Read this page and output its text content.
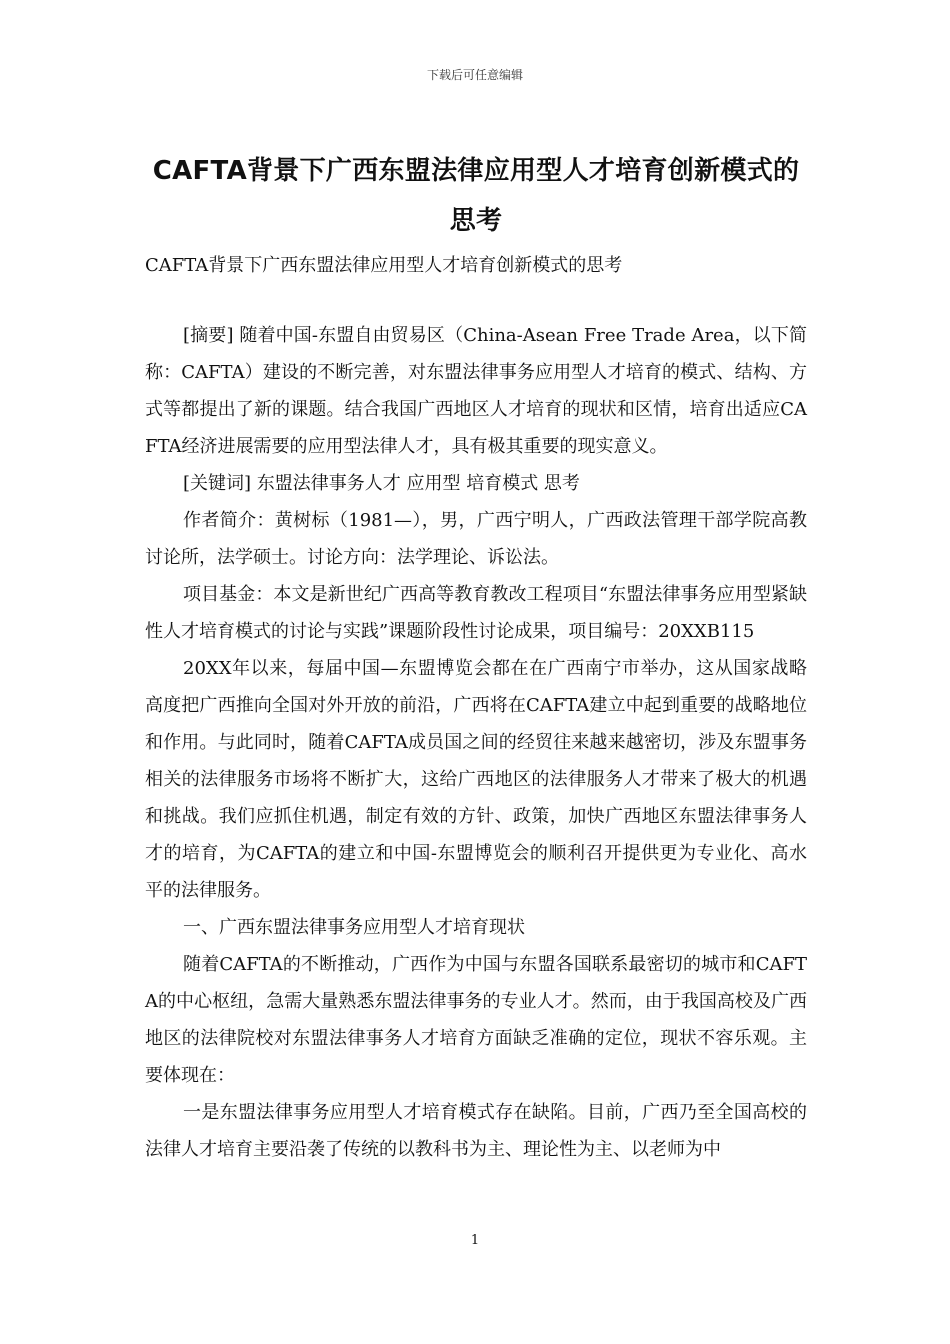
下载后可任意编辑
CAFTA背景下广西东盟法律应用型人才培育创新模式的思考

CAFTA背景下广西东盟法律应用型人才培育创新模式的思考

[摘要] 随着中国-东盟自由贸易区（China-Asean Free Trade Area，以下简称：CAFTA）建设的不断完善，对东盟法律事务应用型人才培育的模式、结构、方式等都提出了新的课题。结合我国广西地区人才培育的现状和区情，培育出适应CAFTA经济进展需要的应用型法律人才，具有极其重要的现实意义。

[关键词] 东盟法律事务人才 应用型 培育模式 思考

作者简介：黄树标（1981—），男，广西宁明人，广西政法管理干部学院高教讨论所，法学硕士。讨论方向：法学理论、诉讼法。

项目基金：本文是新世纪广西高等教育教改工程项目“东盟法律事务应用型紧缺性人才培育模式的讨论与实践”课题阶段性讨论成果，项目编号：20XXB115

20XX年以来，每届中国—东盟博览会都在在广西南宁市举办，这从国家战略高度把广西推向全国对外开放的前沿，广西将在CAFTA建立中起到重要的战略地位和作用。与此同时，随着CAFTA成员国之间的经贸往来越来越密切，涉及东盟事务相关的法律服务市场将不断扩大，这给广西地区的法律服务人才带来了极大的机遇和挑战。我们应抓住机遇，制定有效的方针、政策，加快广西地区东盟法律事务人才的培育，为CAFTA的建立和中国-东盟博览会的顺利召开提供更为专业化、高水平的法律服务。

一、广西东盟法律事务应用型人才培育现状

随着CAFTA的不断推动，广西作为中国与东盟各国联系最密切的城市和CAFTA的中心枢纽，急需大量熟悉东盟法律事务的专业人才。然而，由于我国高校及广西地区的法律院校对东盟法律事务人才培育方面缺乏准确的定位，现状不容乐观。主要体现在：

一是东盟法律事务应用型人才培育模式存在缺陷。目前，广西乃至全国高校的法律人才培育主要沿袭了传统的以教科书为主、理论性为主、以老师为中

1
